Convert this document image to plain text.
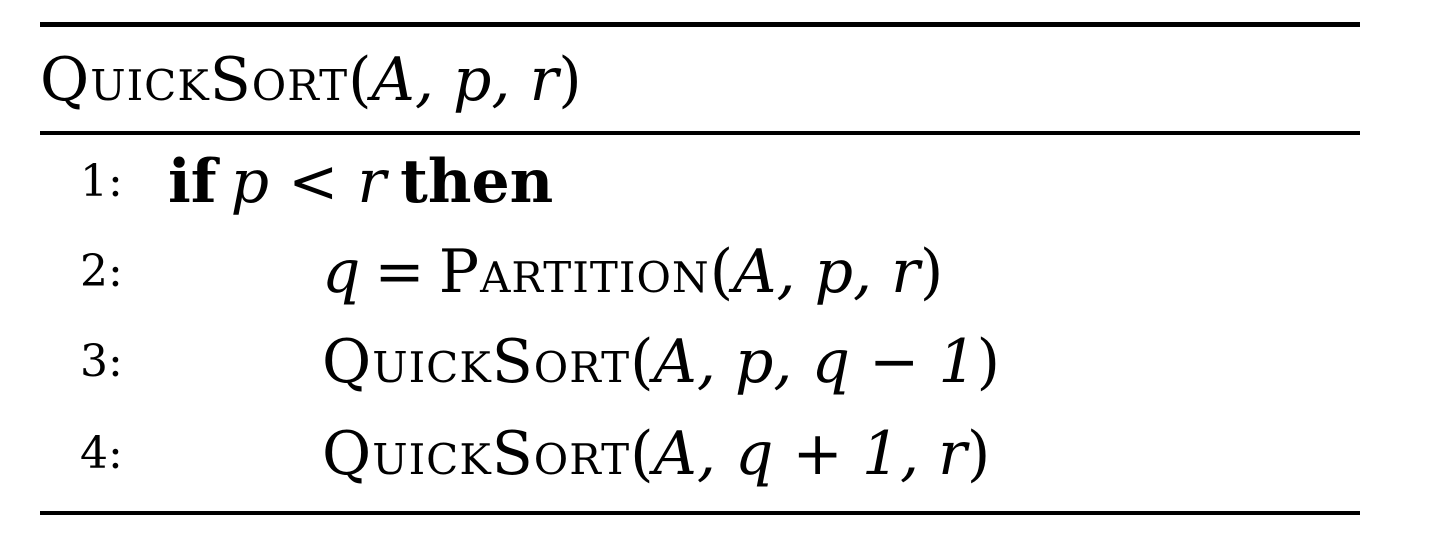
QuickSort(A, p, r)
1: if p < r then
2:	q = Partition(A, p, r)
3:	QuickSort(A, p, q − 1)
4:	QuickSort(A, q + 1, r)
